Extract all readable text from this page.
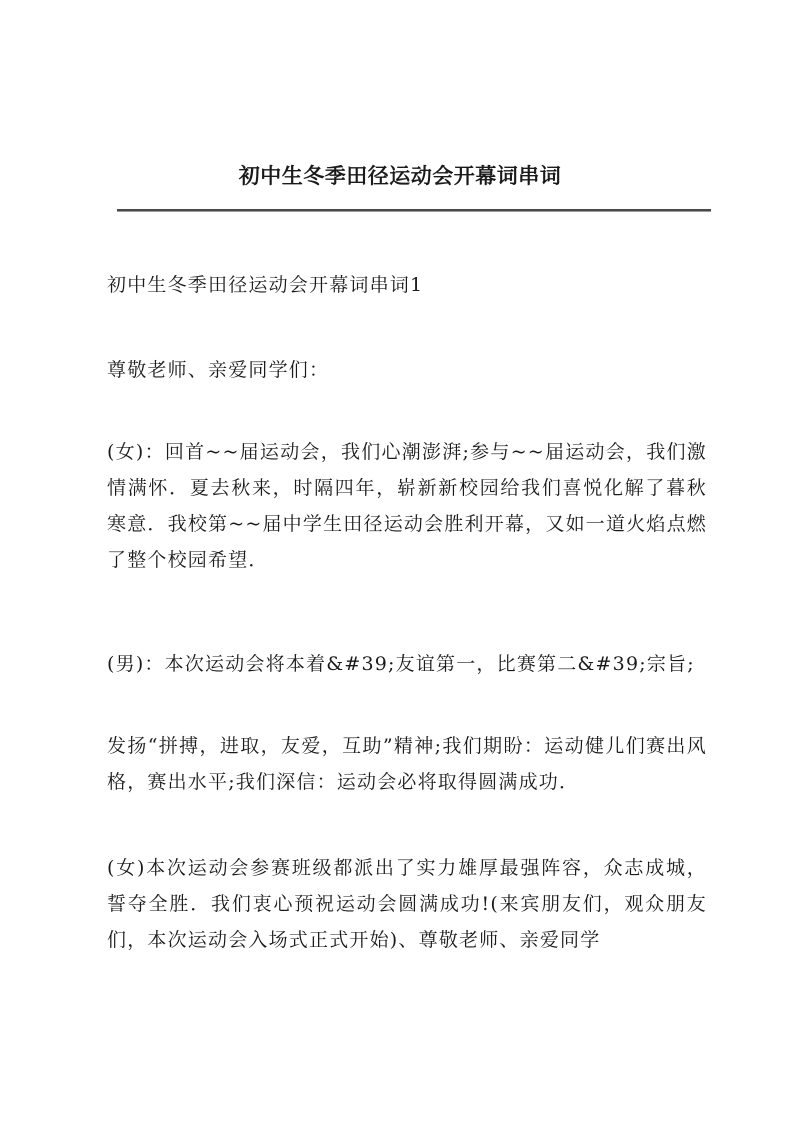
初中生冬季田径运动会开幕词串词

初中生冬季田径运动会开幕词串词1

尊敬老师、亲爱同学们：

(女)：回首~~届运动会，我们心潮澎湃;参与~~届运动会，我们激情满怀．夏去秋来，时隔四年，崭新新校园给我们喜悦化解了暮秋寒意．我校第~~届中学生田径运动会胜利开幕，又如一道火焰点燃了整个校园希望．

(男)：本次运动会将本着&#39;友谊第一，比赛第二&#39;宗旨;

发扬“拼搏，进取，友爱，互助”精神;我们期盼：运动健儿们赛出风格，赛出水平;我们深信：运动会必将取得圆满成功．

(女)本次运动会参赛班级都派出了实力雄厚最强阵容，众志成城，誓夺全胜．我们衷心预祝运动会圆满成功!(来宾朋友们，观众朋友们，本次运动会入场式正式开始)、尊敬老师、亲爱同学
